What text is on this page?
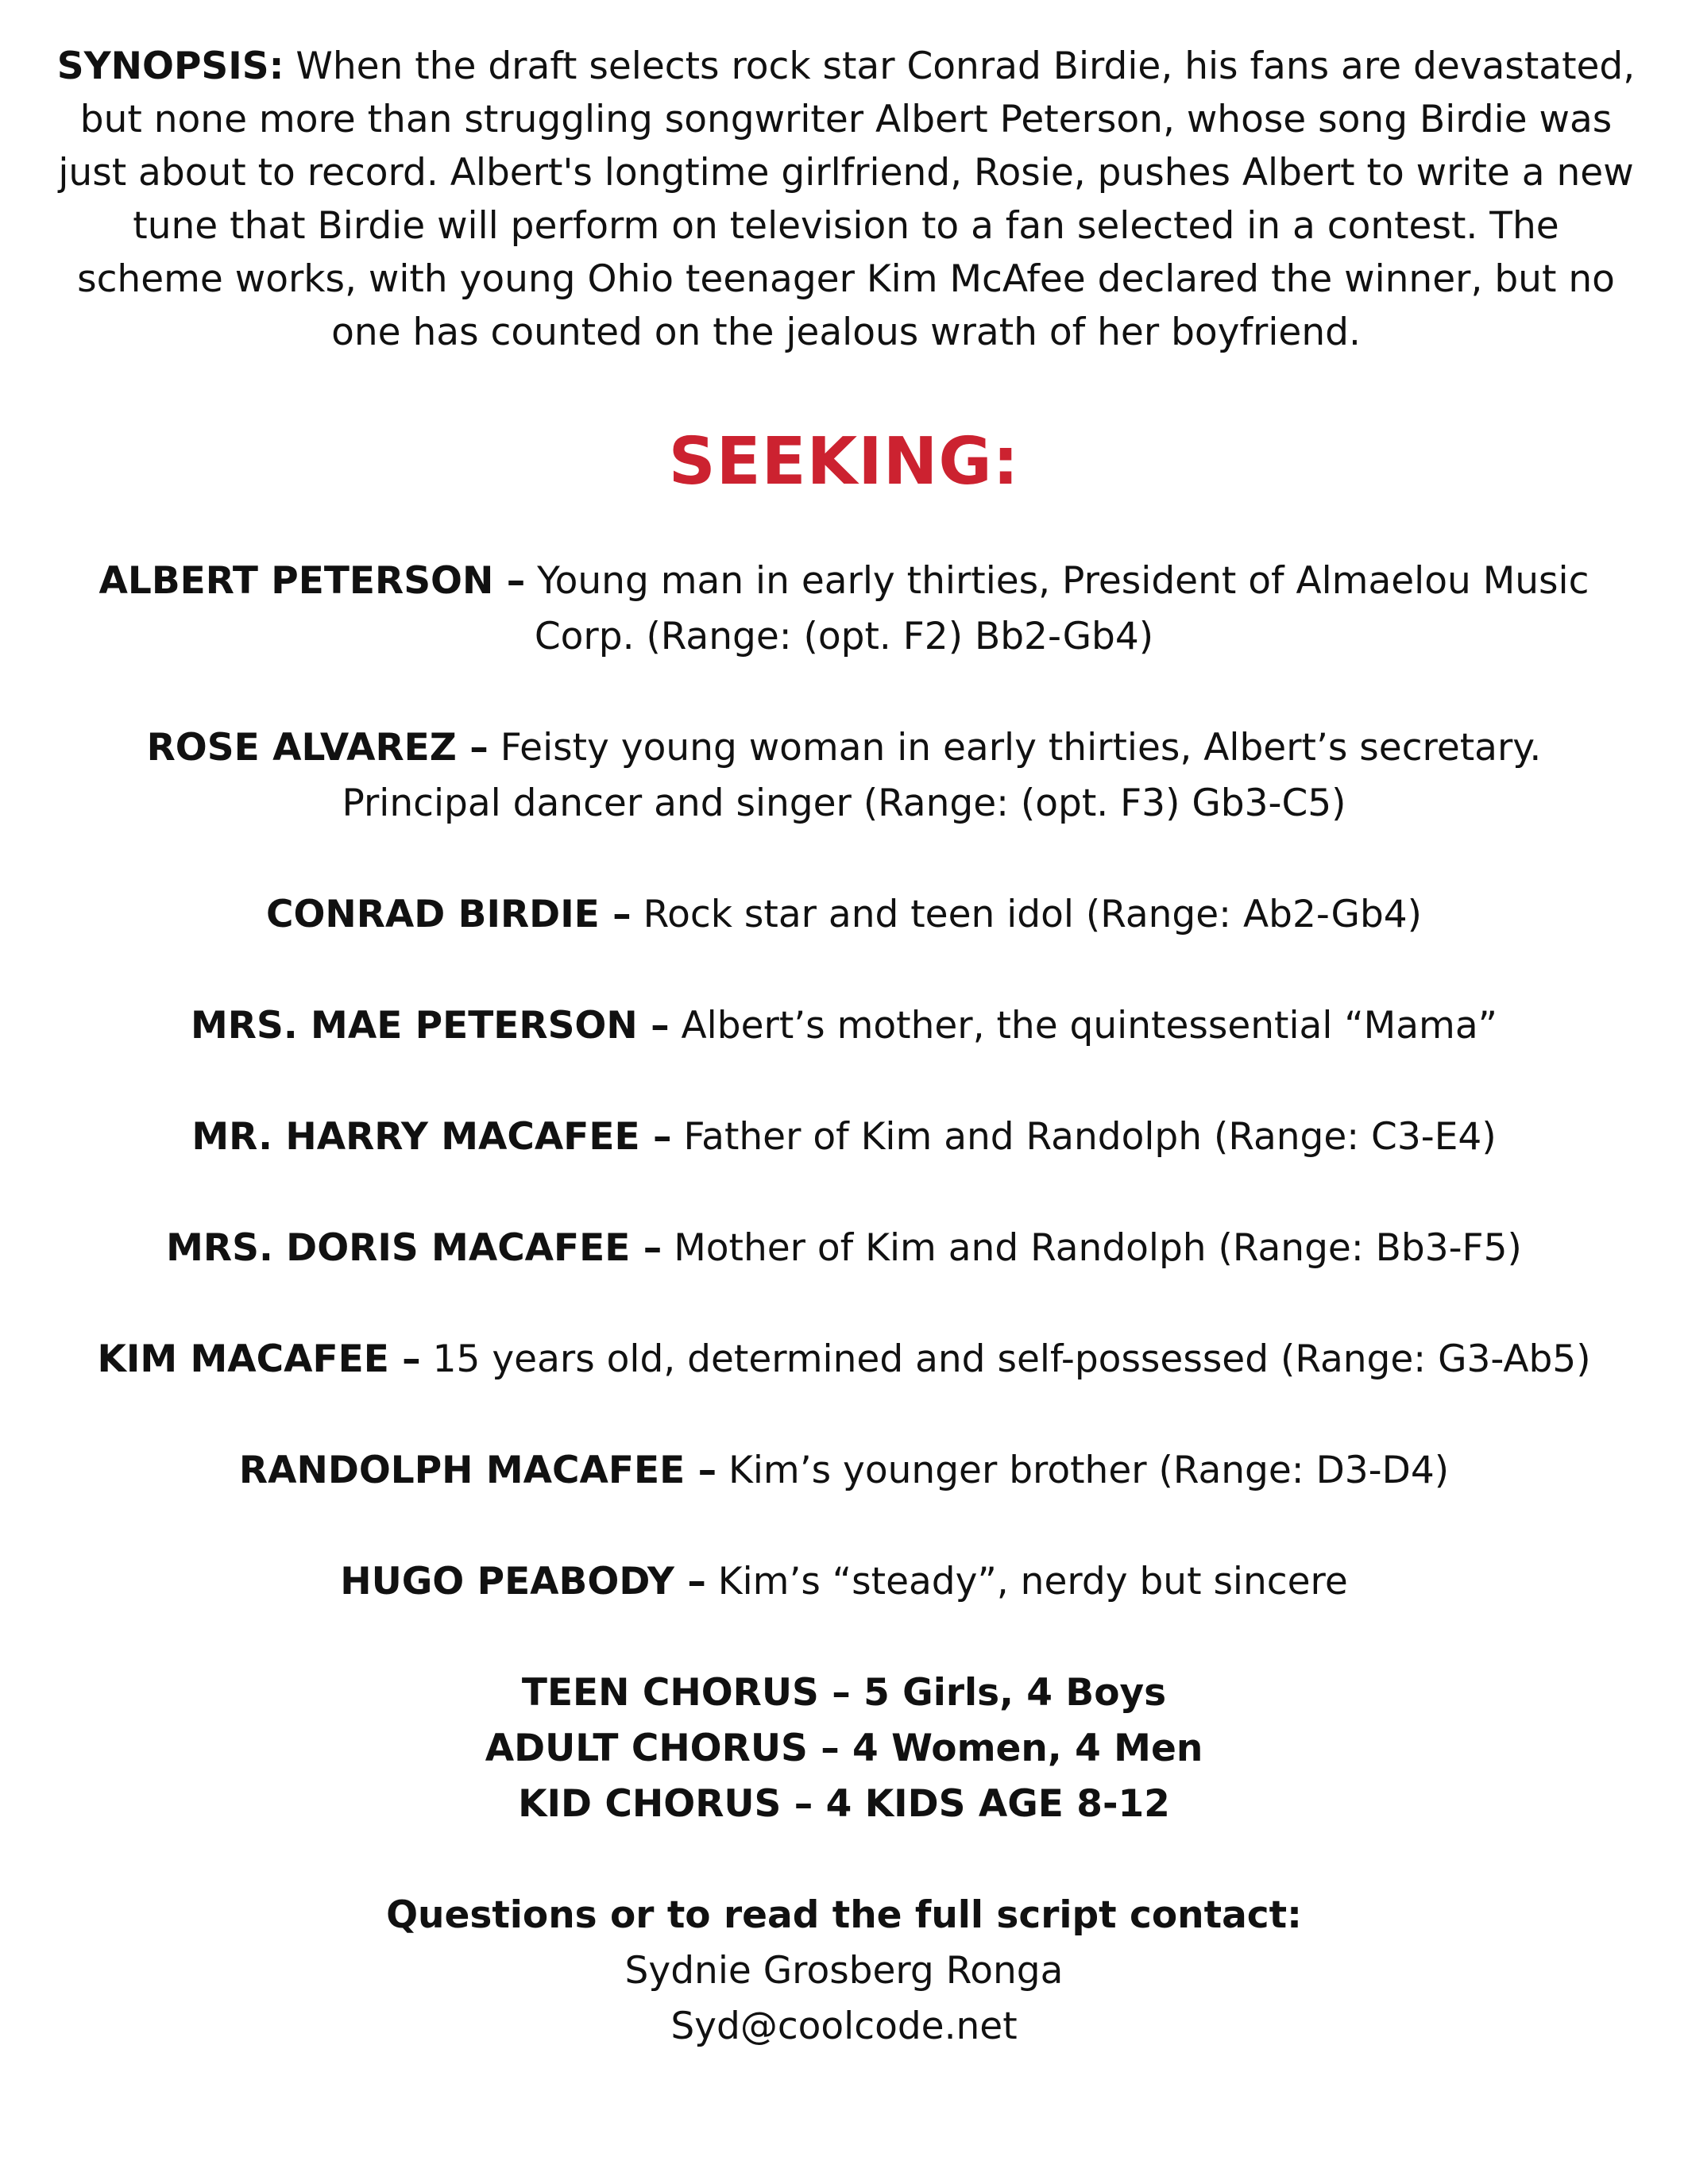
SYNOPSIS: When the draft selects rock star Conrad Birdie, his fans are devastated, but none more than struggling songwriter Albert Peterson, whose song Birdie was just about to record. Albert's longtime girlfriend, Rosie, pushes Albert to write a new tune that Birdie will perform on television to a fan selected in a contest. The scheme works, with young Ohio teenager Kim McAfee declared the winner, but no one has counted on the jealous wrath of her boyfriend.

SEEKING:

ALBERT PETERSON – Young man in early thirties, President of Almaelou Music Corp. (Range: (opt. F2) Bb2-Gb4)

ROSE ALVAREZ – Feisty young woman in early thirties, Albert’s secretary. Principal dancer and singer (Range: (opt. F3) Gb3-C5)

CONRAD BIRDIE – Rock star and teen idol (Range: Ab2-Gb4)

MRS. MAE PETERSON – Albert’s mother, the quintessential “Mama”

MR. HARRY MACAFEE – Father of Kim and Randolph (Range: C3-E4)

MRS. DORIS MACAFEE – Mother of Kim and Randolph (Range: Bb3-F5)

KIM MACAFEE – 15 years old, determined and self-possessed (Range: G3-Ab5)

RANDOLPH MACAFEE – Kim’s younger brother (Range: D3-D4)

HUGO PEABODY – Kim’s “steady”, nerdy but sincere

TEEN CHORUS – 5 Girls, 4 Boys
ADULT CHORUS – 4 Women, 4 Men
KID CHORUS – 4 KIDS AGE 8-12
Questions or to read the full script contact:
Sydnie Grosberg Ronga
Syd@coolcode.net
